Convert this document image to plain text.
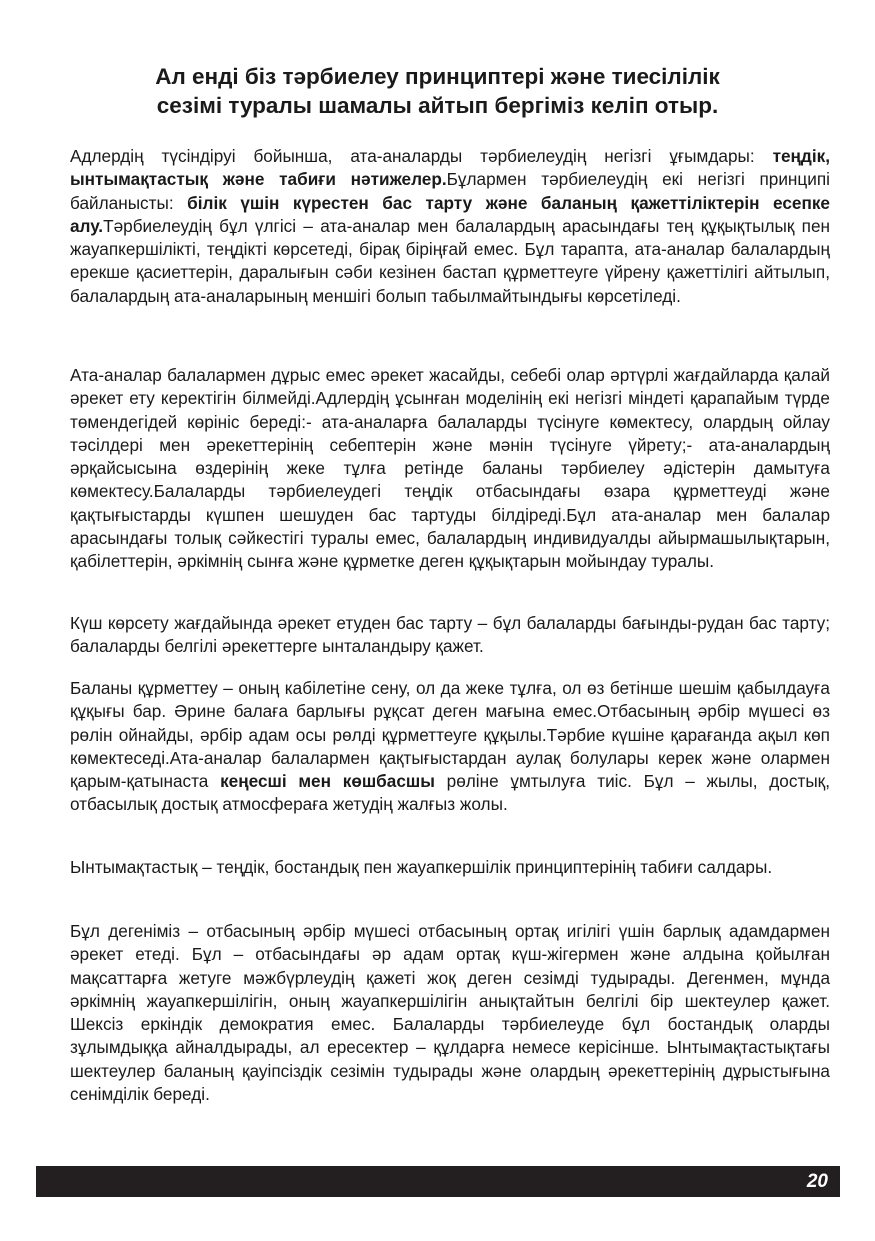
Ал енді біз тәрбиелеу принциптері және тиесілілік
сезімі туралы шамалы айтып бергіміз келіп отыр.

Адлердің түсіндіруі бойынша, ата-аналарды тәрбиелеудің негізгі ұғымдары: теңдік, ынтымақтастық және табиғи нәтижелер.Бұлармен тәрбиелеудің екі негізгі принципі байланысты: білік үшін күрестен бас тарту және баланың қажеттіліктерін есепке алу.Тәрбиелеудің бұл үлгісі – ата-аналар мен балалардың арасындағы тең құқықтылық пен жауапкершілікті, теңдікті көрсетеді, бірақ біріңғай емес. Бұл тарапта, ата-аналар балалардың ерекше қасиеттерін, даралығын сәби кезінен бастап құрметтеуге үйрену қажеттілігі айтылып, балалардың ата-аналарының меншігі болып табылмайтындығы көрсетіледі.

Ата-аналар балалармен дұрыс емес әрекет жасайды, себебі олар әртүрлі жағдайларда қалай әрекет ету керектігін білмейді.Адлердің ұсынған моделінің екі негізгі міндеті қарапайым түрде төмендегідей көрініс береді:- ата-аналарға балаларды түсінуге көмектесу, олардың ойлау тәсілдері мен әрекеттерінің себептерін және мәнін түсінуге үйрету;- ата-аналардың әрқайсысына өздерінің жеке тұлға ретінде баланы тәрбиелеу әдістерін дамытуға көмектесу.Балаларды тәрбиелеудегі теңдік отбасындағы өзара құрметтеуді және қақтығыстарды күшпен шешуден бас тартуды білдіреді.Бұл ата-аналар мен балалар арасындағы толық сәйкестігі туралы емес, балалардың индивидуалды айырмашылықтарын, қабілеттерін, әркімнің сынға және құрметке деген құқықтарын мойындау туралы.

Күш көрсету жағдайында әрекет етуден бас тарту – бұл балаларды бағынды-рудан бас тарту; балаларды белгілі әрекеттерге ынталандыру қажет.

Баланы құрметтеу – оның кабілетіне сену, ол да жеке тұлға, ол өз бетінше шешім қабылдауға құқығы бар. Әрине балаға барлығы рұқсат деген мағына емес.Отбасының әрбір мүшесі өз рөлін ойнайды, әрбір адам осы рөлді құрметтеуге құқылы.Тәрбие күшіне қарағанда ақыл көп көмектеседі.Ата-аналар балалармен қақтығыстардан аулақ болулары керек және олармен қарым-қатынаста кеңесші мен көшбасшы рөліне ұмтылуға тиіс. Бұл – жылы, достық, отбасылық достық атмосфераға жетудің жалғыз жолы.

Ынтымақтастық – теңдік, бостандық пен жауапкершілік принциптерінің табиғи салдары.

Бұл дегеніміз – отбасының әрбір мүшесі отбасының ортақ игілігі үшін барлық адамдармен әрекет етеді. Бұл – отбасындағы әр адам ортақ күш-жігермен және алдына қойылған мақсаттарға жетуге мәжбүрлеудің қажеті жоқ деген сезімді тудырады. Дегенмен, мұнда әркімнің жауапкершілігін, оның жауапкершілігін анықтайтын белгілі бір шектеулер қажет. Шексіз еркіндік демократия емес. Балаларды тәрбиелеуде бұл бостандық оларды зұлымдыққа айналдырады, ал ересектер – құлдарға немесе керісінше. Ынтымақтастықтағы шектеулер баланың қауіпсіздік сезімін тудырады және олардың әрекеттерінің дұрыстығына сенімділік береді.

20
